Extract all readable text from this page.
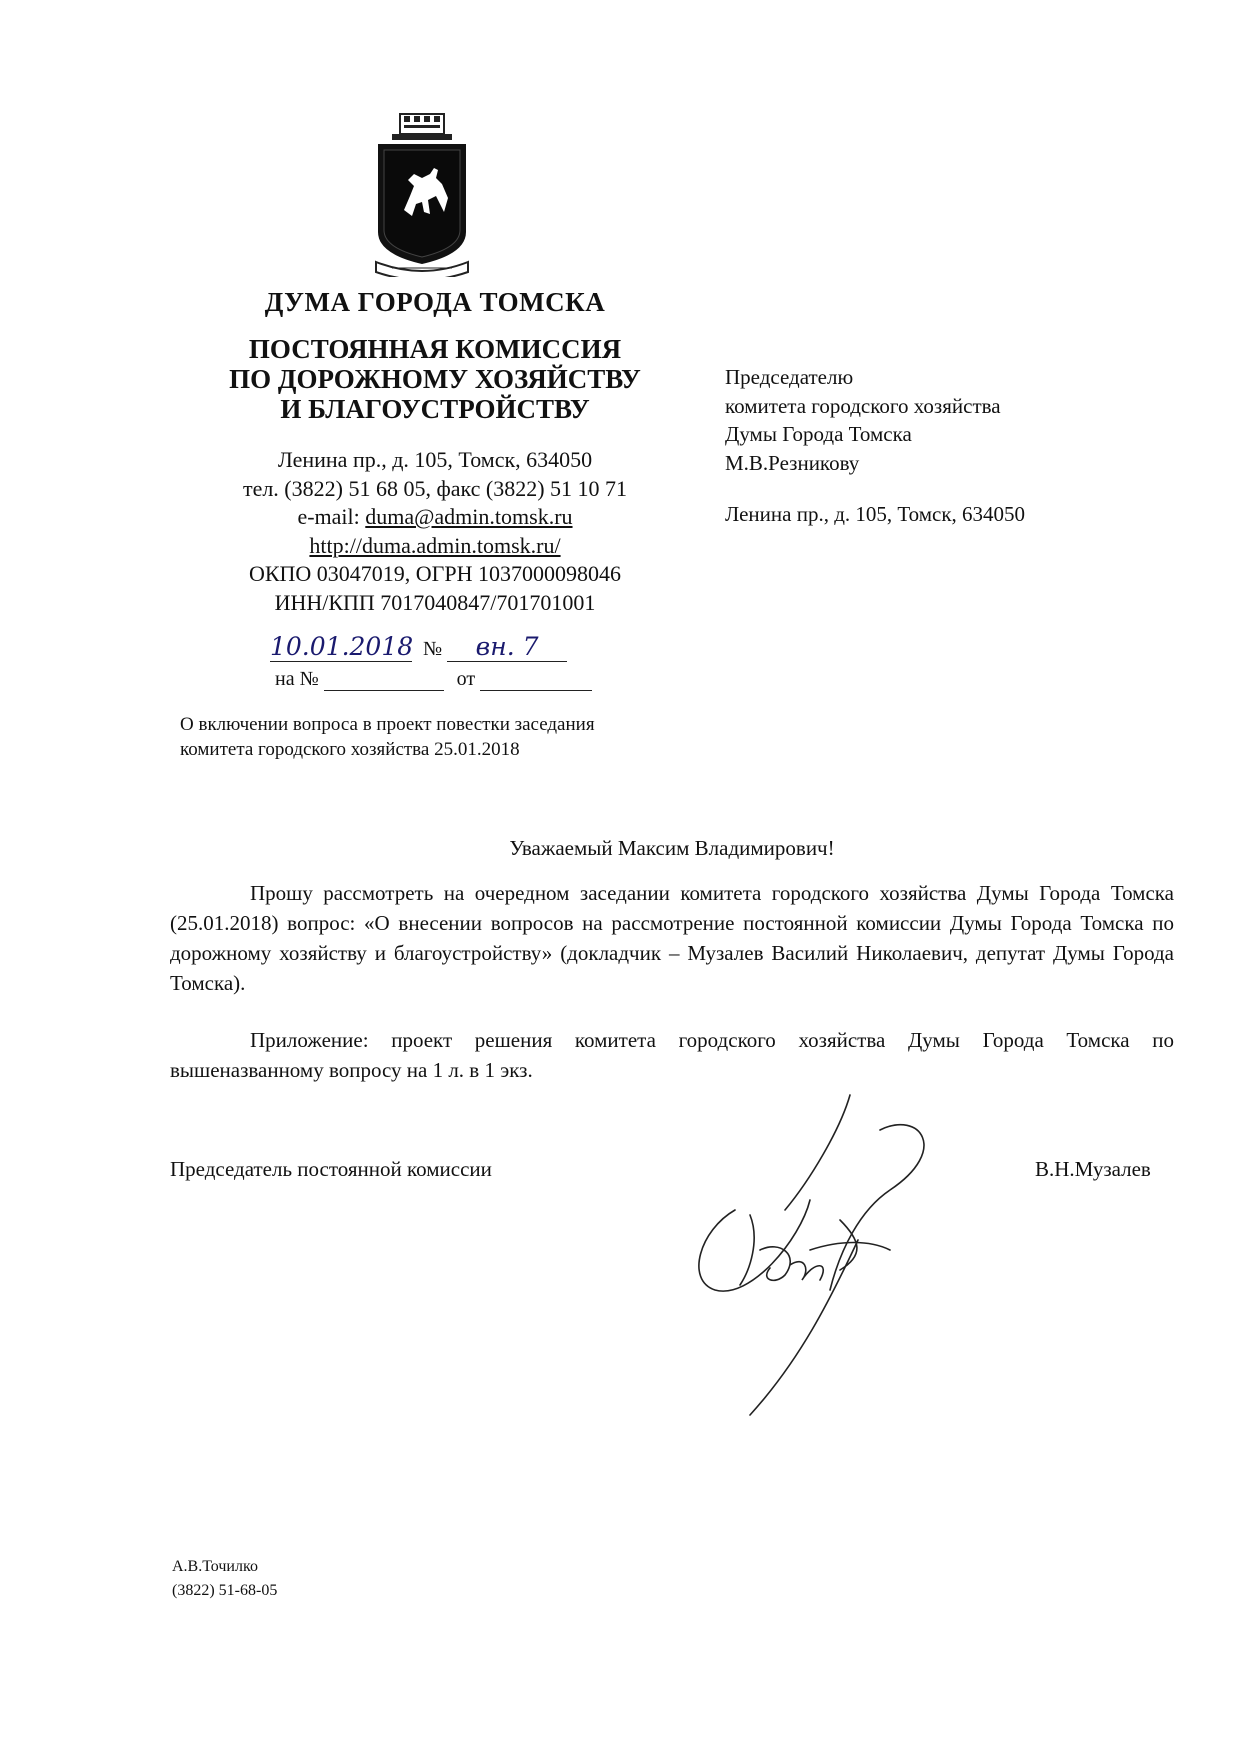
ДУМА ГОРОДА ТОМСКА
ПОСТОЯННАЯ КОМИССИЯ
ПО ДОРОЖНОМУ ХОЗЯЙСТВУ
И БЛАГОУСТРОЙСТВУ
Ленина пр., д. 105, Томск, 634050
тел. (3822) 51 68 05, факс (3822) 51 10 71
e-mail: duma@admin.tomsk.ru
http://duma.admin.tomsk.ru/
ОКПО 03047019, ОГРН 1037000098046
ИНН/КПП 7017040847/701701001
10.01.2018 № вн. 7
на №	от
О включении вопроса в проект повестки заседания
комитета городского хозяйства 25.01.2018
Председателю
комитета городского хозяйства
Думы Города Томска
М.В.Резникову
Ленина пр., д. 105, Томск, 634050
Уважаемый Максим Владимирович!
Прошу рассмотреть на очередном заседании комитета городского хозяйства Думы Города Томска (25.01.2018) вопрос: «О внесении вопросов на рассмотрение постоянной комиссии Думы Города Томска по дорожному хозяйству и благоустройству» (докладчик – Музалев Василий Николаевич, депутат Думы Города Томска).
Приложение: проект решения комитета городского хозяйства Думы Города Томска по вышеназванному вопросу на 1 л. в 1 экз.
Председатель постоянной комиссии	В.Н.Музалев
А.В.Точилко
(3822) 51-68-05
